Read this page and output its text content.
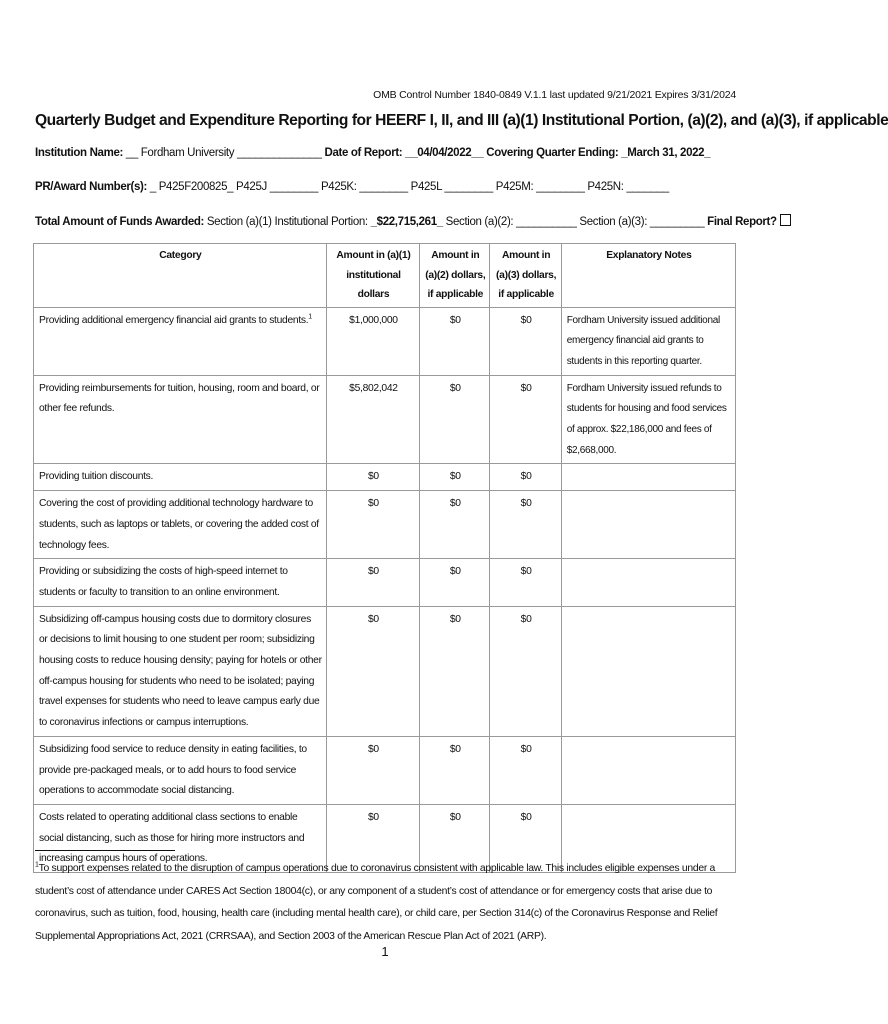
OMB Control Number 1840-0849 V.1.1 last updated 9/21/2021 Expires 3/31/2024
Quarterly Budget and Expenditure Reporting for HEERF I, II, and III (a)(1) Institutional Portion, (a)(2), and (a)(3), if applicable
Institution Name: __ Fordham University ______________ Date of Report: __04/04/2022__ Covering Quarter Ending: _March 31, 2022_
PR/Award Number(s): _ P425F200825_ P425J ________ P425K: ________ P425L ________ P425M: ________ P425N: _______
Total Amount of Funds Awarded: Section (a)(1) Institutional Portion: _$22,715,261_ Section (a)(2): __________ Section (a)(3): _________ Final Report?
Category	Amount in (a)(1) institutional dollars	Amount in (a)(2) dollars, if applicable	Amount in (a)(3) dollars, if applicable	Explanatory Notes
Providing additional emergency financial aid grants to students.$^1$	$1,000,000	$0	$0	Fordham University issued additional emergency financial aid grants to students in this reporting quarter.
Providing reimbursements for tuition, housing, room and board, or other fee refunds.	$5,802,042	$0	$0	Fordham University issued refunds to students for housing and food services of approx. $22,186,000 and fees of $2,668,000.
Providing tuition discounts.	$0	$0	$0	
Covering the cost of providing additional technology hardware to students, such as laptops or tablets, or covering the added cost of technology fees.	$0	$0	$0	
Providing or subsidizing the costs of high-speed internet to students or faculty to transition to an online environment.	$0	$0	$0	
Subsidizing off-campus housing costs due to dormitory closures or decisions to limit housing to one student per room; subsidizing housing costs to reduce housing density; paying for hotels or other off-campus housing for students who need to be isolated; paying travel expenses for students who need to leave campus early due to coronavirus infections or campus interruptions.	$0	$0	$0	
Subsidizing food service to reduce density in eating facilities, to provide pre-packaged meals, or to add hours to food service operations to accommodate social distancing.	$0	$0	$0	
Costs related to operating additional class sections to enable social distancing, such as those for hiring more instructors and increasing campus hours of operations.	$0	$0	$0	
$^1$To support expenses related to the disruption of campus operations due to coronavirus consistent with applicable law. This includes eligible expenses under a student’s cost of attendance under CARES Act Section 18004(c), or any component of a student’s cost of attendance or for emergency costs that arise due to coronavirus, such as tuition, food, housing, health care (including mental health care), or child care, per Section 314(c) of the Coronavirus Response and Relief Supplemental Appropriations Act, 2021 (CRRSAA), and Section 2003 of the American Rescue Plan Act of 2021 (ARP).
1
